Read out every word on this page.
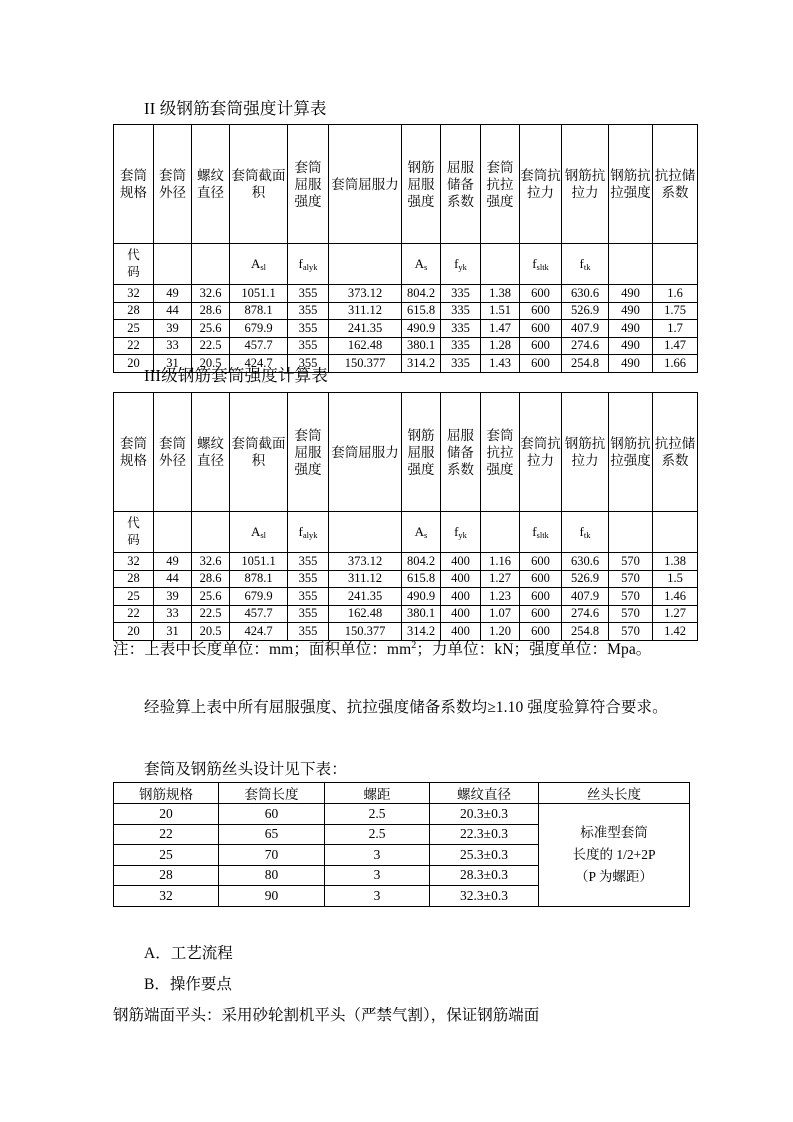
II 级钢筋套筒强度计算表
套筒规格	套筒外径	螺纹直径	套筒截面积	套筒屈服强度	套筒屈服力	钢筋屈服强度	屈服储备系数	套筒抗拉强度	套筒抗拉力	钢筋抗拉力	钢筋抗拉强度	抗拉储系数

代码			$A_{sl}$	$f_{alyk}$		$A_s$	$f_{yk}$		$f_{sltk}$	$f_{tk}$		
32	49	32.6	1051.1	355	373.12	804.2	335	1.38	600	630.6	490	1.6
28	44	28.6	878.1	355	311.12	615.8	335	1.51	600	526.9	490	1.75
25	39	25.6	679.9	355	241.35	490.9	335	1.47	600	407.9	490	1.7
22	33	22.5	457.7	355	162.48	380.1	335	1.28	600	274.6	490	1.47
20	31	20.5	424.7	355	150.377	314.2	335	1.43	600	254.8	490	1.66
III级钢筋套筒强度计算表
套筒规格	套筒外径	螺纹直径	套筒截面积	套筒屈服强度	套筒屈服力	钢筋屈服强度	屈服储备系数	套筒抗拉强度	套筒抗拉力	钢筋抗拉力	钢筋抗拉强度	抗拉储系数

代码			$A_{sl}$	$f_{alyk}$		$A_s$	$f_{yk}$		$f_{sltk}$	$f_{tk}$		
32	49	32.6	1051.1	355	373.12	804.2	400	1.16	600	630.6	570	1.38
28	44	28.6	878.1	355	311.12	615.8	400	1.27	600	526.9	570	1.5
25	39	25.6	679.9	355	241.35	490.9	400	1.23	600	407.9	570	1.46
22	33	22.5	457.7	355	162.48	380.1	400	1.07	600	274.6	570	1.27
20	31	20.5	424.7	355	150.377	314.2	400	1.20	600	254.8	570	1.42
注：上表中长度单位：mm；面积单位：$mm^2$；力单位：kN；强度单位：Mpa。
经验算上表中所有屈服强度、抗拉强度储备系数均≥1.10 强度验算符合要求。
套筒及钢筋丝头设计见下表：
钢筋规格	套筒长度	螺距	螺纹直径	丝头长度
20	60	2.5	20.3±0.3	标准型套筒
长度的 1/2+2P
（P 为螺距）

22	65	2.5	22.3±0.3	
25	70	3	25.3±0.3	
28	80	3	28.3±0.3	
32	90	3	32.3±0.3	
A．工艺流程
B．操作要点
钢筋端面平头：采用砂轮割机平头（严禁气割），保证钢筋端面
